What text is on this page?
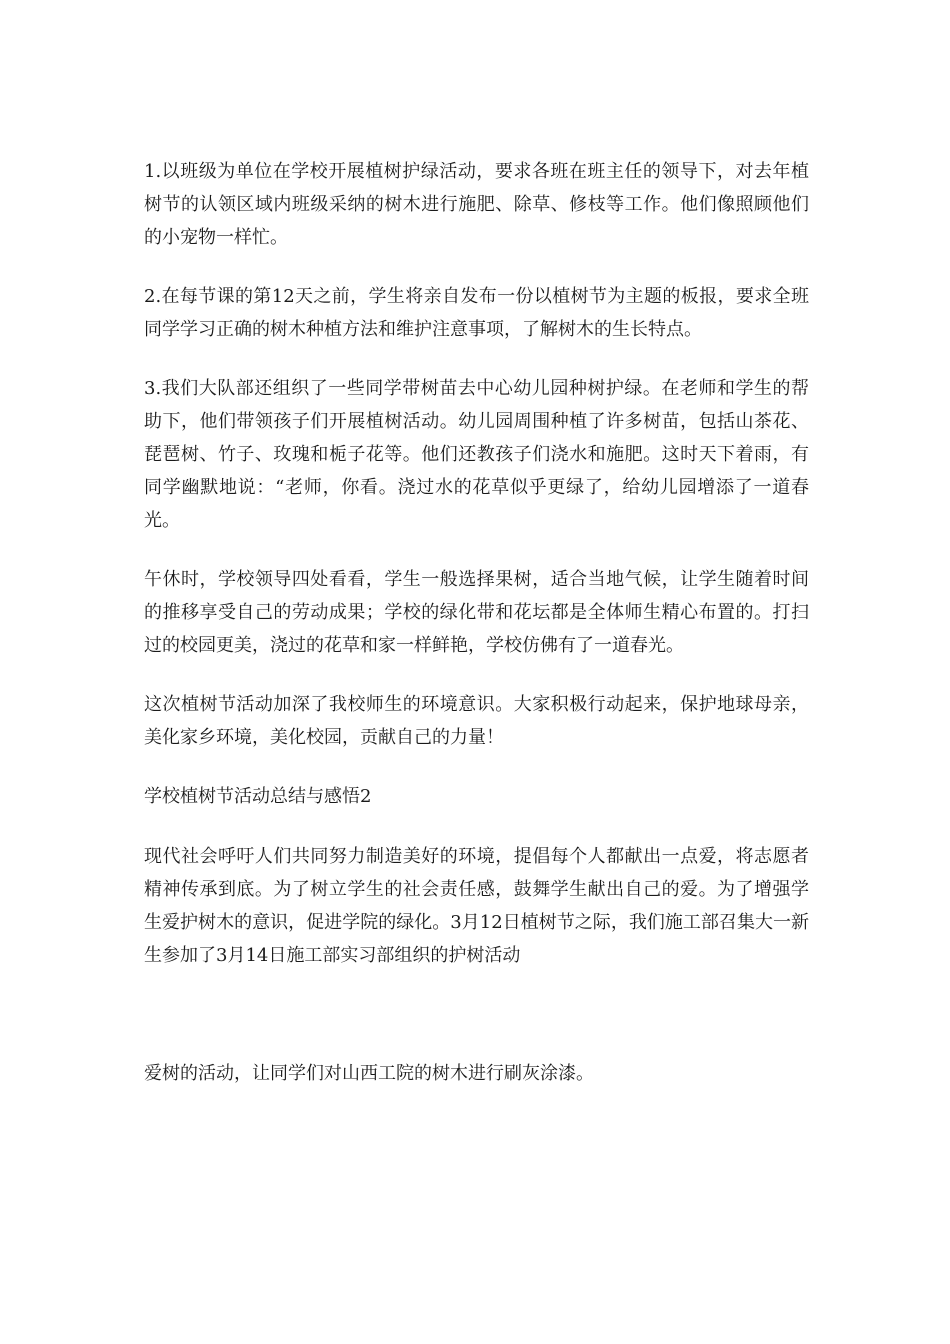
1.以班级为单位在学校开展植树护绿活动，要求各班在班主任的领导下，对去年植树节的认领区域内班级采纳的树木进行施肥、除草、修枝等工作。他们像照顾他们的小宠物一样忙。

2.在每节课的第12天之前，学生将亲自发布一份以植树节为主题的板报，要求全班同学学习正确的树木种植方法和维护注意事项，了解树木的生长特点。

3.我们大队部还组织了一些同学带树苗去中心幼儿园种树护绿。在老师和学生的帮助下，他们带领孩子们开展植树活动。幼儿园周围种植了许多树苗，包括山茶花、琵琶树、竹子、玫瑰和栀子花等。他们还教孩子们浇水和施肥。这时天下着雨，有同学幽默地说：“老师，你看。浇过水的花草似乎更绿了，给幼儿园增添了一道春光。

午休时，学校领导四处看看，学生一般选择果树，适合当地气候，让学生随着时间的推移享受自己的劳动成果；学校的绿化带和花坛都是全体师生精心布置的。打扫过的校园更美，浇过的花草和家一样鲜艳，学校仿佛有了一道春光。

这次植树节活动加深了我校师生的环境意识。大家积极行动起来，保护地球母亲，美化家乡环境，美化校园，贡献自己的力量！

学校植树节活动总结与感悟2

现代社会呼吁人们共同努力制造美好的环境，提倡每个人都献出一点爱，将志愿者精神传承到底。为了树立学生的社会责任感，鼓舞学生献出自己的爱。为了增强学生爱护树木的意识，促进学院的绿化。3月12日植树节之际，我们施工部召集大一新生参加了3月14日施工部实习部组织的护树活动

爱树的活动，让同学们对山西工院的树木进行刷灰涂漆。
